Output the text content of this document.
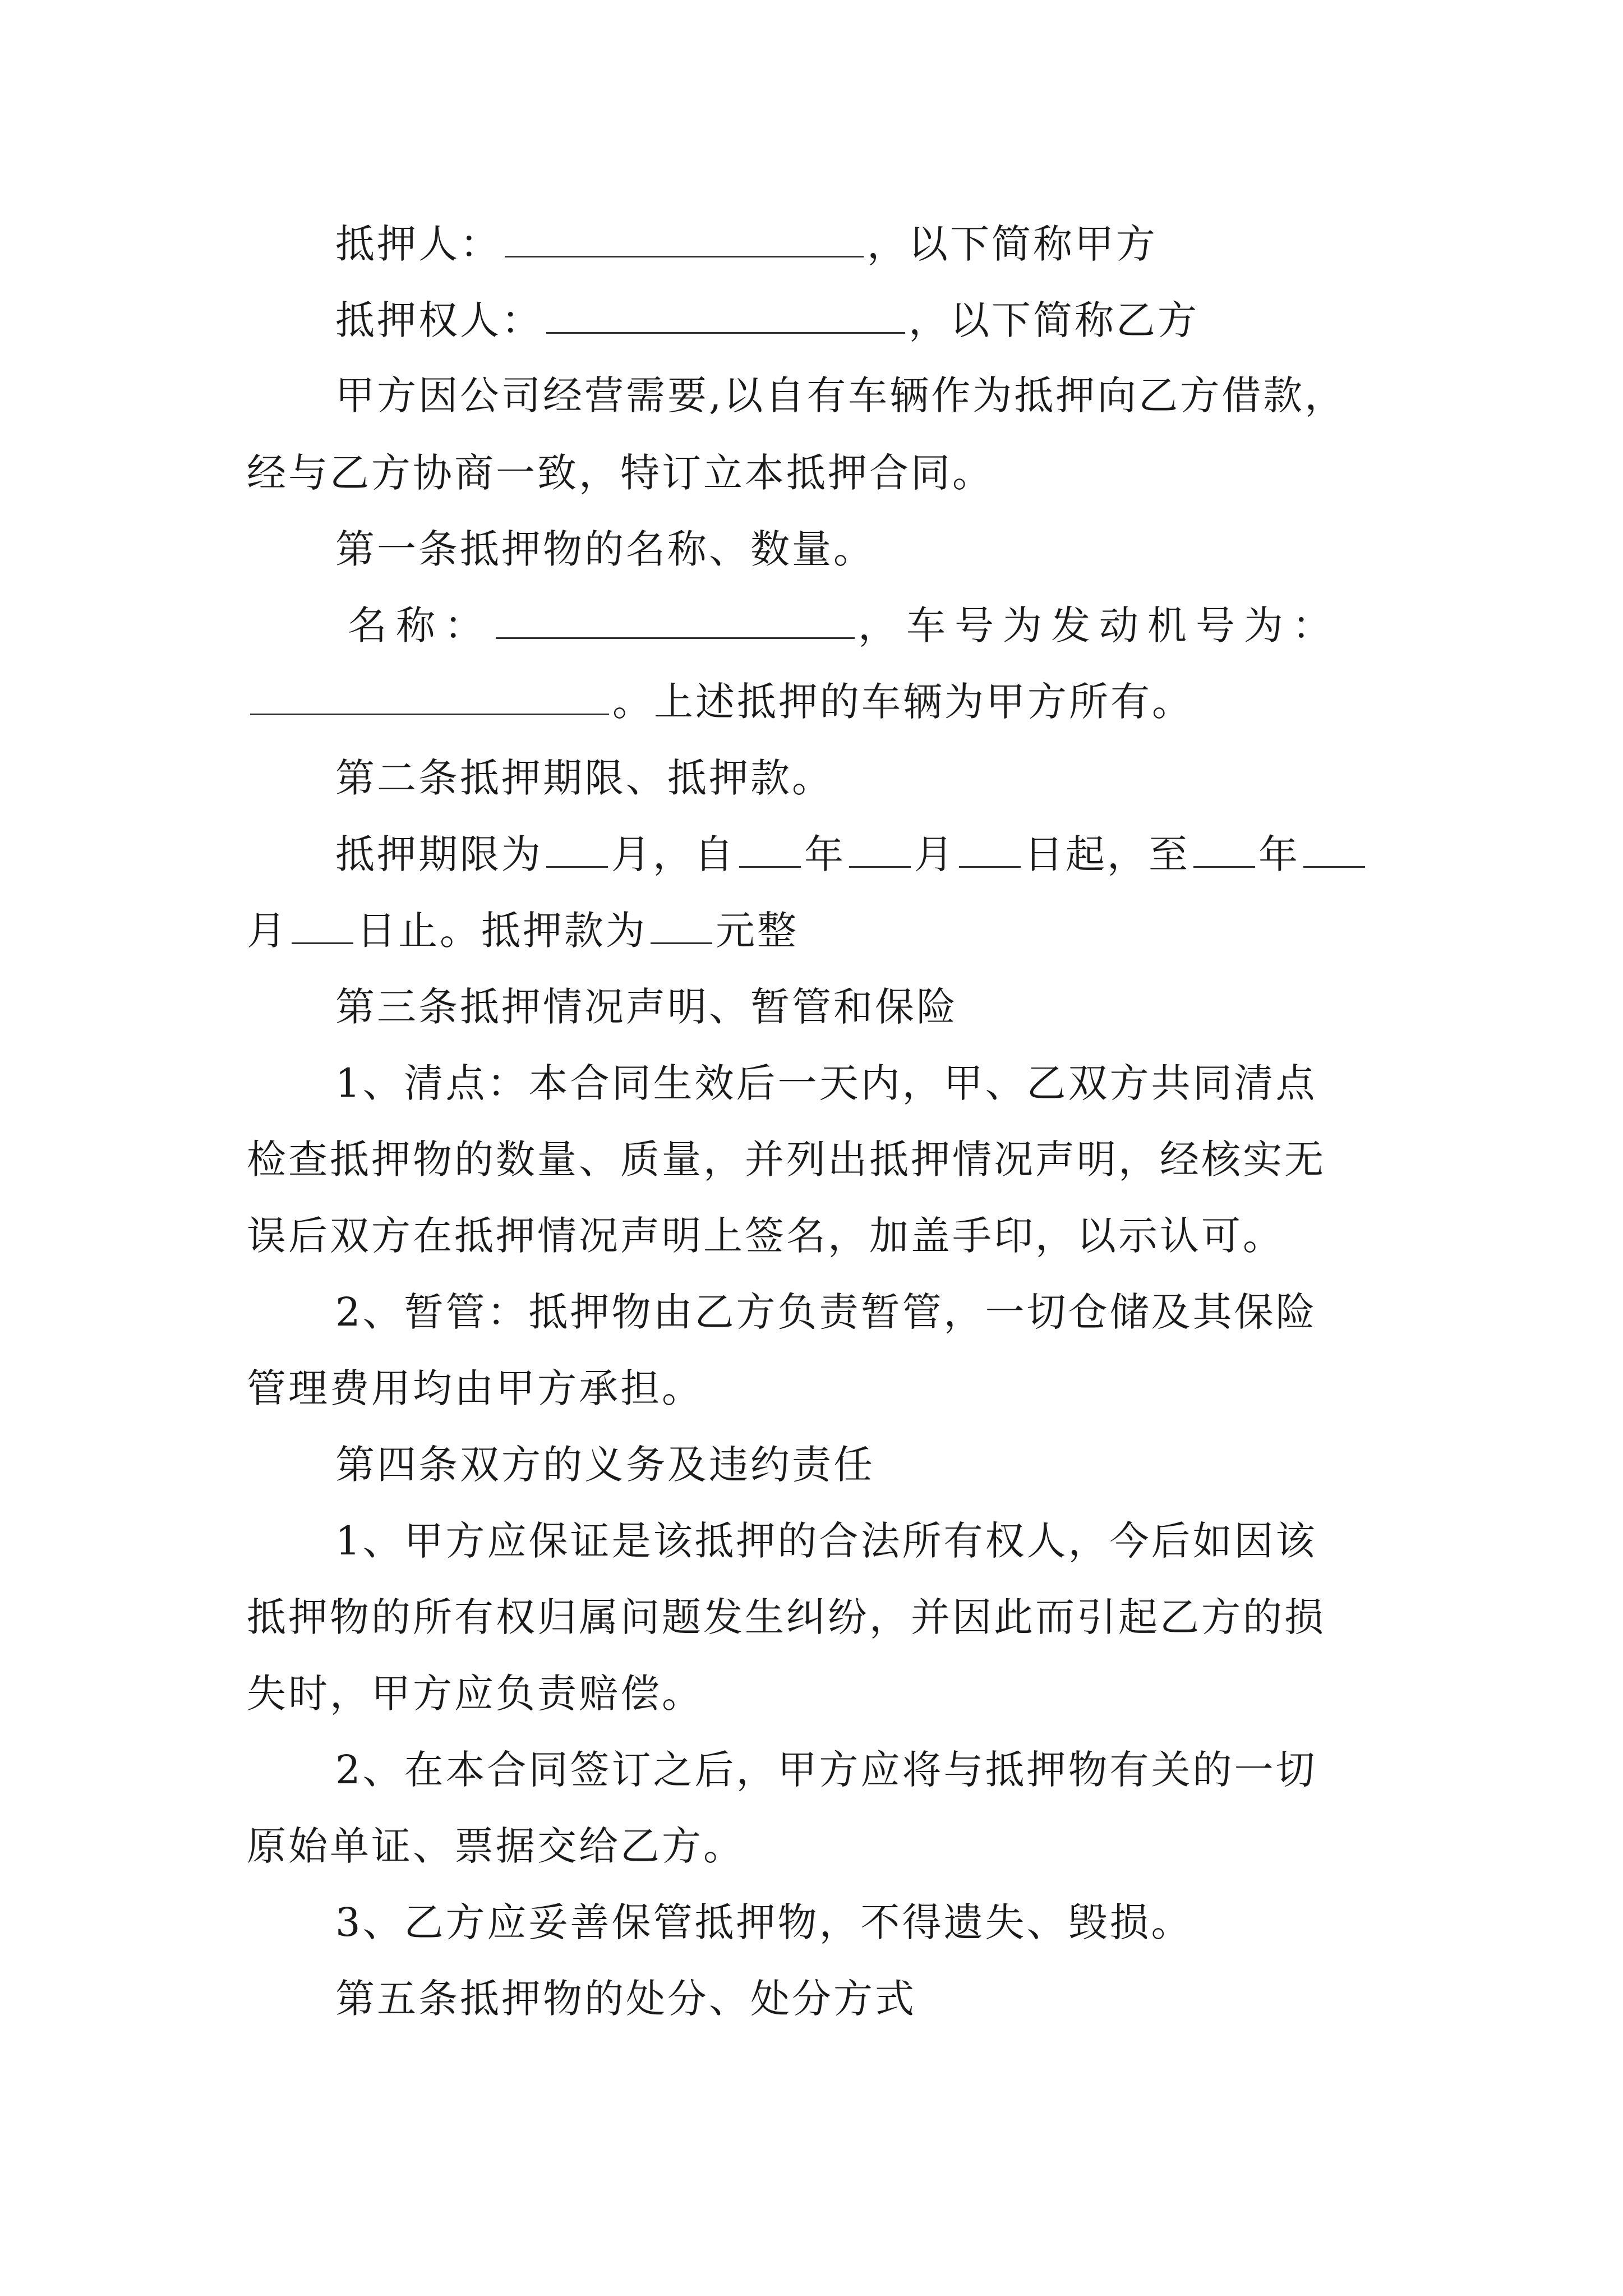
抵押人：	，以下简称甲方
抵押权人：	，以下简称乙方
甲方因公司经营需要,以自有车辆作为抵押向乙方借款，
经与乙方协商一致，特订立本抵押合同。
第一条抵押物的名称、数量。
名称：	，车号为发动机号为：
。上述抵押的车辆为甲方所有。
第二条抵押期限、抵押款。
抵押期限为 月，自 年 月 日起，至 年
月 日止。抵押款为 元整
第三条抵押情况声明、暂管和保险
1、清点：本合同生效后一天内，甲、乙双方共同清点
检查抵押物的数量、质量，并列出抵押情况声明，经核实无
误后双方在抵押情况声明上签名，加盖手印，以示认可。
2、暂管：抵押物由乙方负责暂管，一切仓储及其保险
管理费用均由甲方承担。
第四条双方的义务及违约责任
1、甲方应保证是该抵押的合法所有权人，今后如因该
抵押物的所有权归属问题发生纠纷，并因此而引起乙方的损
失时，甲方应负责赔偿。
2、在本合同签订之后，甲方应将与抵押物有关的一切
原始单证、票据交给乙方。
3、乙方应妥善保管抵押物，不得遗失、毁损。
第五条抵押物的处分、处分方式
